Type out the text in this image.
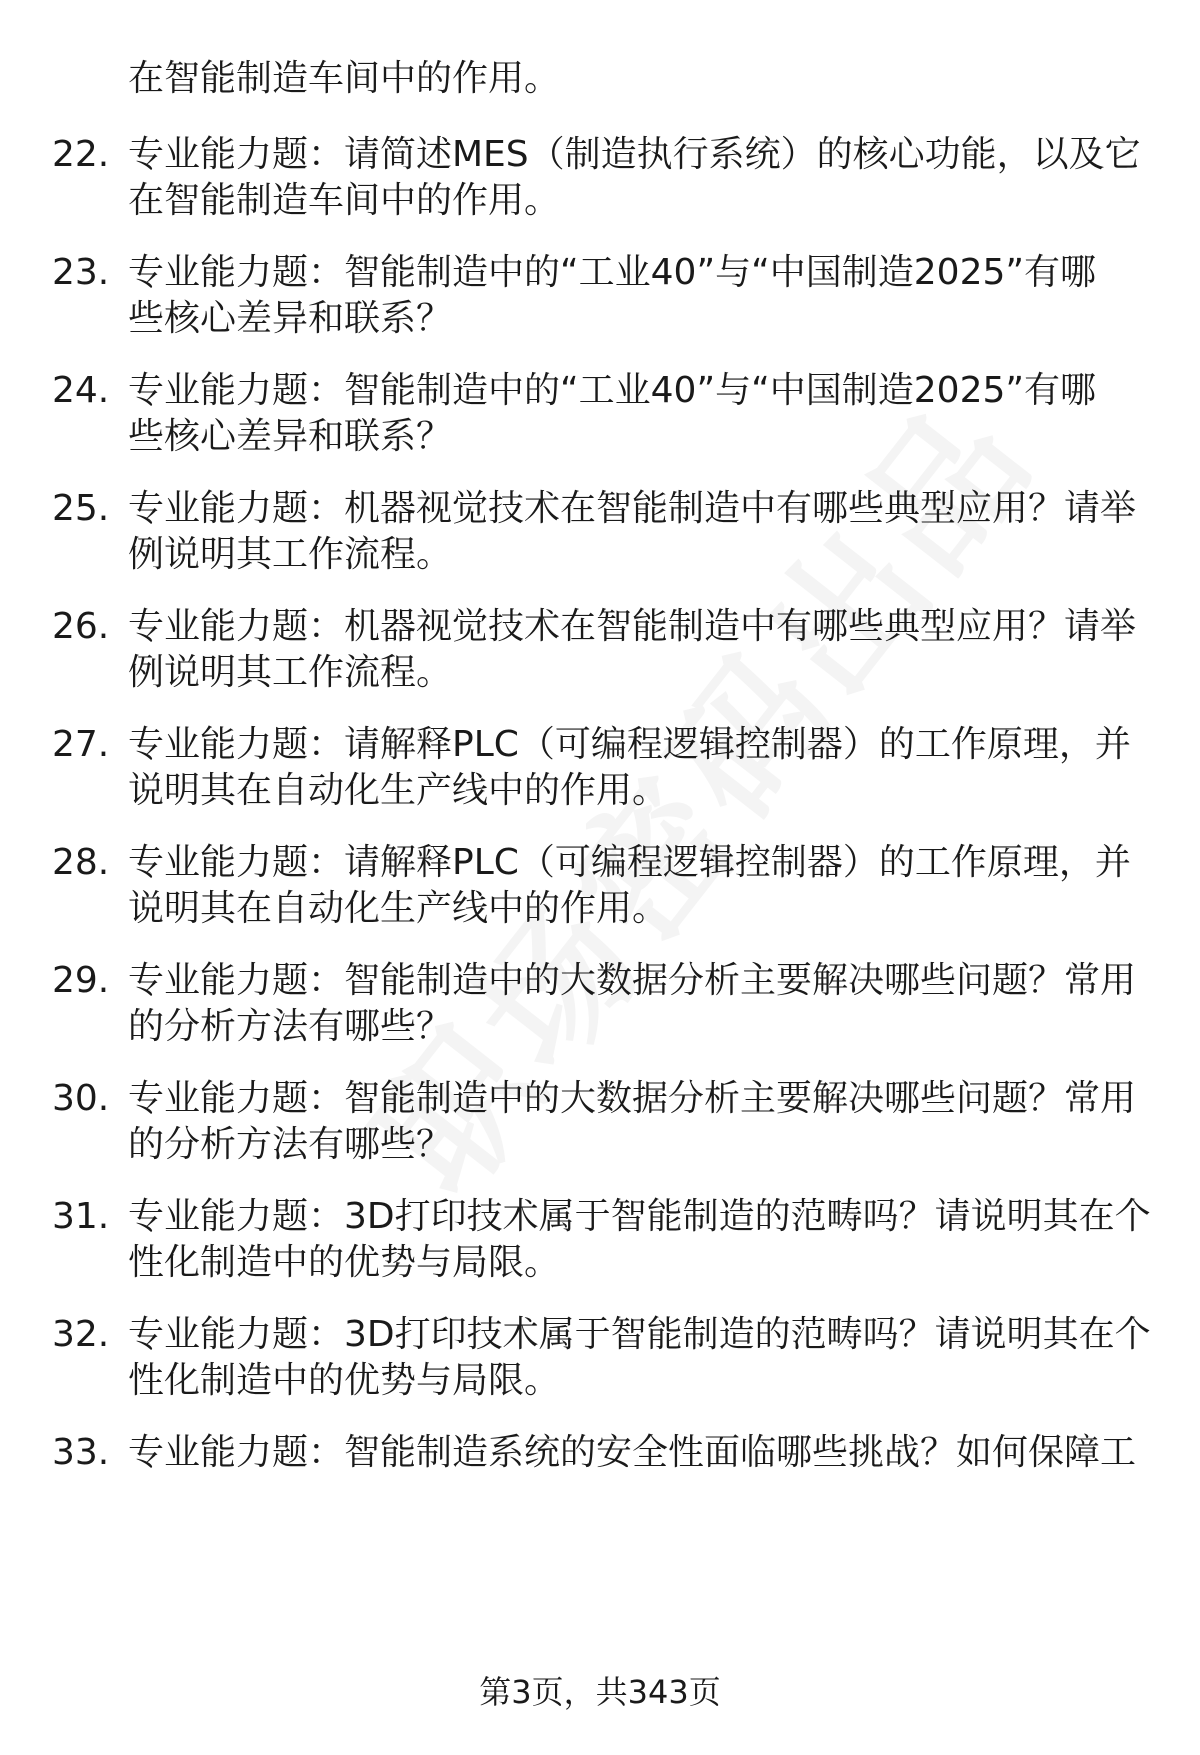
在智能制造车间中的作用。
22. 专业能力题：请简述MES（制造执行系统）的核心功能，以及它
在智能制造车间中的作用。
23. 专业能力题：智能制造中的“工业40”与“中国制造2025”有哪
些核心差异和联系？
24. 专业能力题：智能制造中的“工业40”与“中国制造2025”有哪
些核心差异和联系？
25. 专业能力题：机器视觉技术在智能制造中有哪些典型应用？请举
例说明其工作流程。
26. 专业能力题：机器视觉技术在智能制造中有哪些典型应用？请举
例说明其工作流程。
27. 专业能力题：请解释PLC（可编程逻辑控制器）的工作原理，并
说明其在自动化生产线中的作用。
28. 专业能力题：请解释PLC（可编程逻辑控制器）的工作原理，并
说明其在自动化生产线中的作用。
29. 专业能力题：智能制造中的大数据分析主要解决哪些问题？常用
的分析方法有哪些？
30. 专业能力题：智能制造中的大数据分析主要解决哪些问题？常用
的分析方法有哪些？
31. 专业能力题：3D打印技术属于智能制造的范畴吗？请说明其在个
性化制造中的优势与局限。
32. 专业能力题：3D打印技术属于智能制造的范畴吗？请说明其在个
性化制造中的优势与局限。
33. 专业能力题：智能制造系统的安全性面临哪些挑战？如何保障工
第3页，共343页
